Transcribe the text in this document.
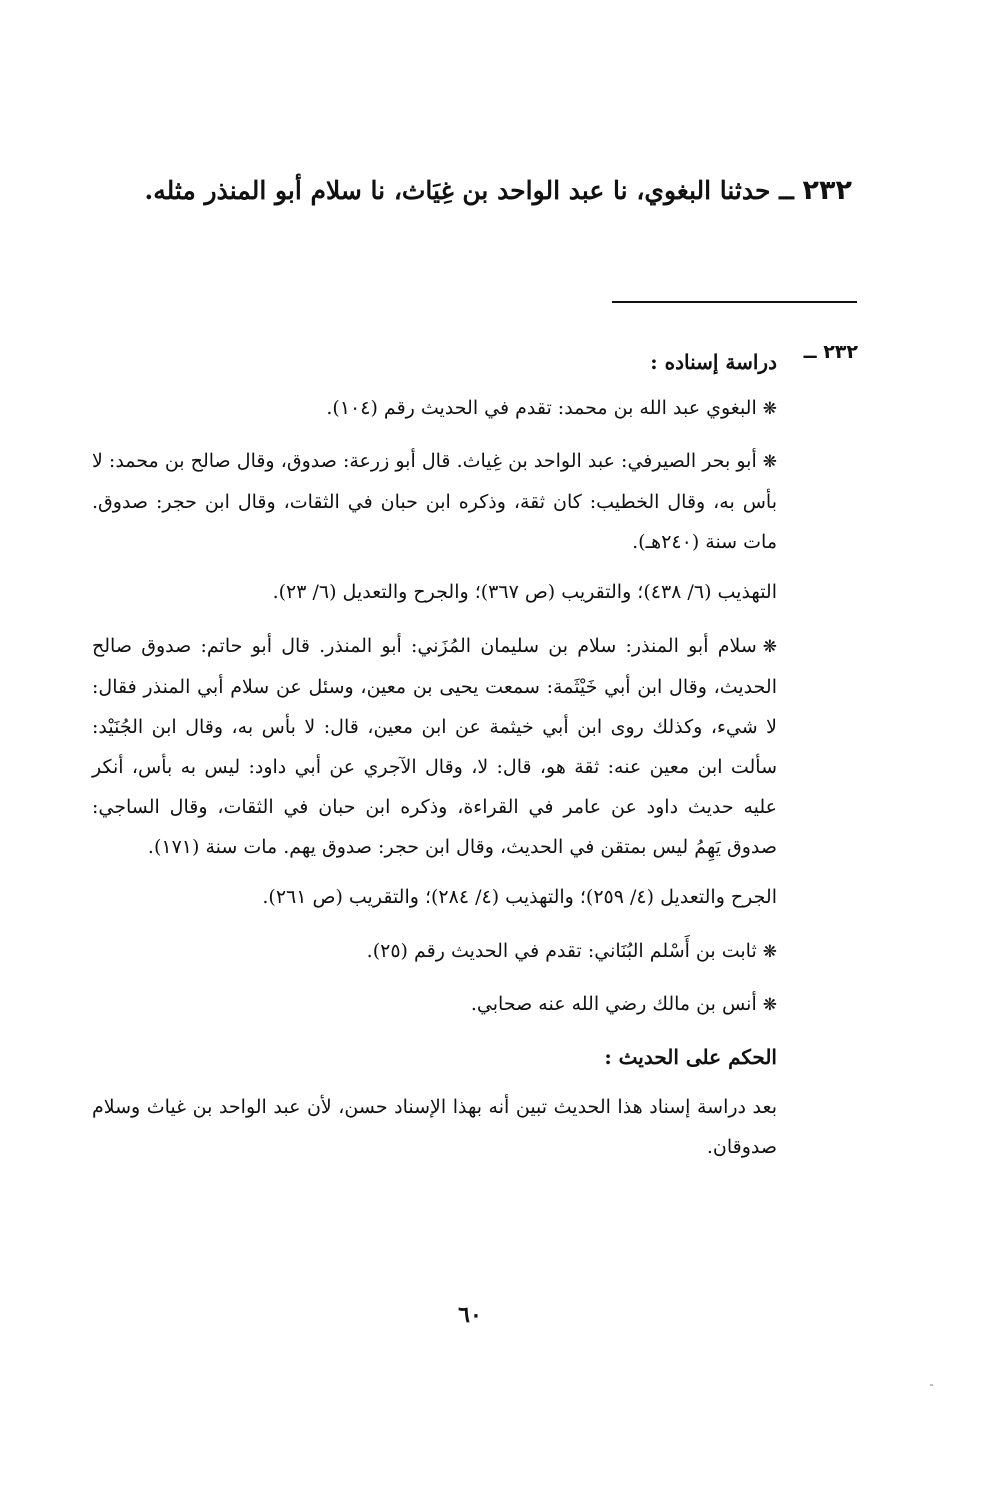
٢٣٢ ــ حدثنا البغوي، نا عبد الواحد بن غِيَاث، نا سلام أبو المنذر مثله.
٢٣٢ ــ
دراسة إسناده :

❋البغوي عبد الله بن محمد: تقدم في الحديث رقم (١٠٤).

❋أبو بحر الصيرفي: عبد الواحد بن غِياث. قال أبو زرعة: صدوق، وقال صالح بن محمد: لا بأس به، وقال الخطيب: كان ثقة، وذكره ابن حبان في الثقات، وقال ابن حجر: صدوق. مات سنة (٢٤٠هـ).

التهذيب (٦/ ٤٣٨)؛ والتقريب (ص ٣٦٧)؛ والجرح والتعديل (٦/ ٢٣).

❋سلام أبو المنذر: سلام بن سليمان المُزَني: أبو المنذر. قال أبو حاتم: صدوق صالح الحديث، وقال ابن أبي خَيْثَمة: سمعت يحيى بن معين، وسئل عن سلام أبي المنذر فقال: لا شيء، وكذلك روى ابن أبي خيثمة عن ابن معين، قال: لا بأس به، وقال ابن الجُنَيْد: سألت ابن معين عنه: ثقة هو، قال: لا، وقال الآجري عن أبي داود: ليس به بأس، أنكر عليه حديث داود عن عامر في القراءة، وذكره ابن حبان في الثقات، وقال الساجي: صدوق يَهِمُ ليس بمتقن في الحديث، وقال ابن حجر: صدوق يهم. مات سنة (١٧١).

الجرح والتعديل (٤/ ٢٥٩)؛ والتهذيب (٤/ ٢٨٤)؛ والتقريب (ص ٢٦١).

❋ثابت بن أَسْلم البُنَاني: تقدم في الحديث رقم (٢٥).

❋أنس بن مالك رضي الله عنه صحابي.

الحكم على الحديث :

بعد دراسة إسناد هذا الحديث تبين أنه بهذا الإسناد حسن، لأن عبد الواحد بن غياث وسلام صدوقان.

٦٠
